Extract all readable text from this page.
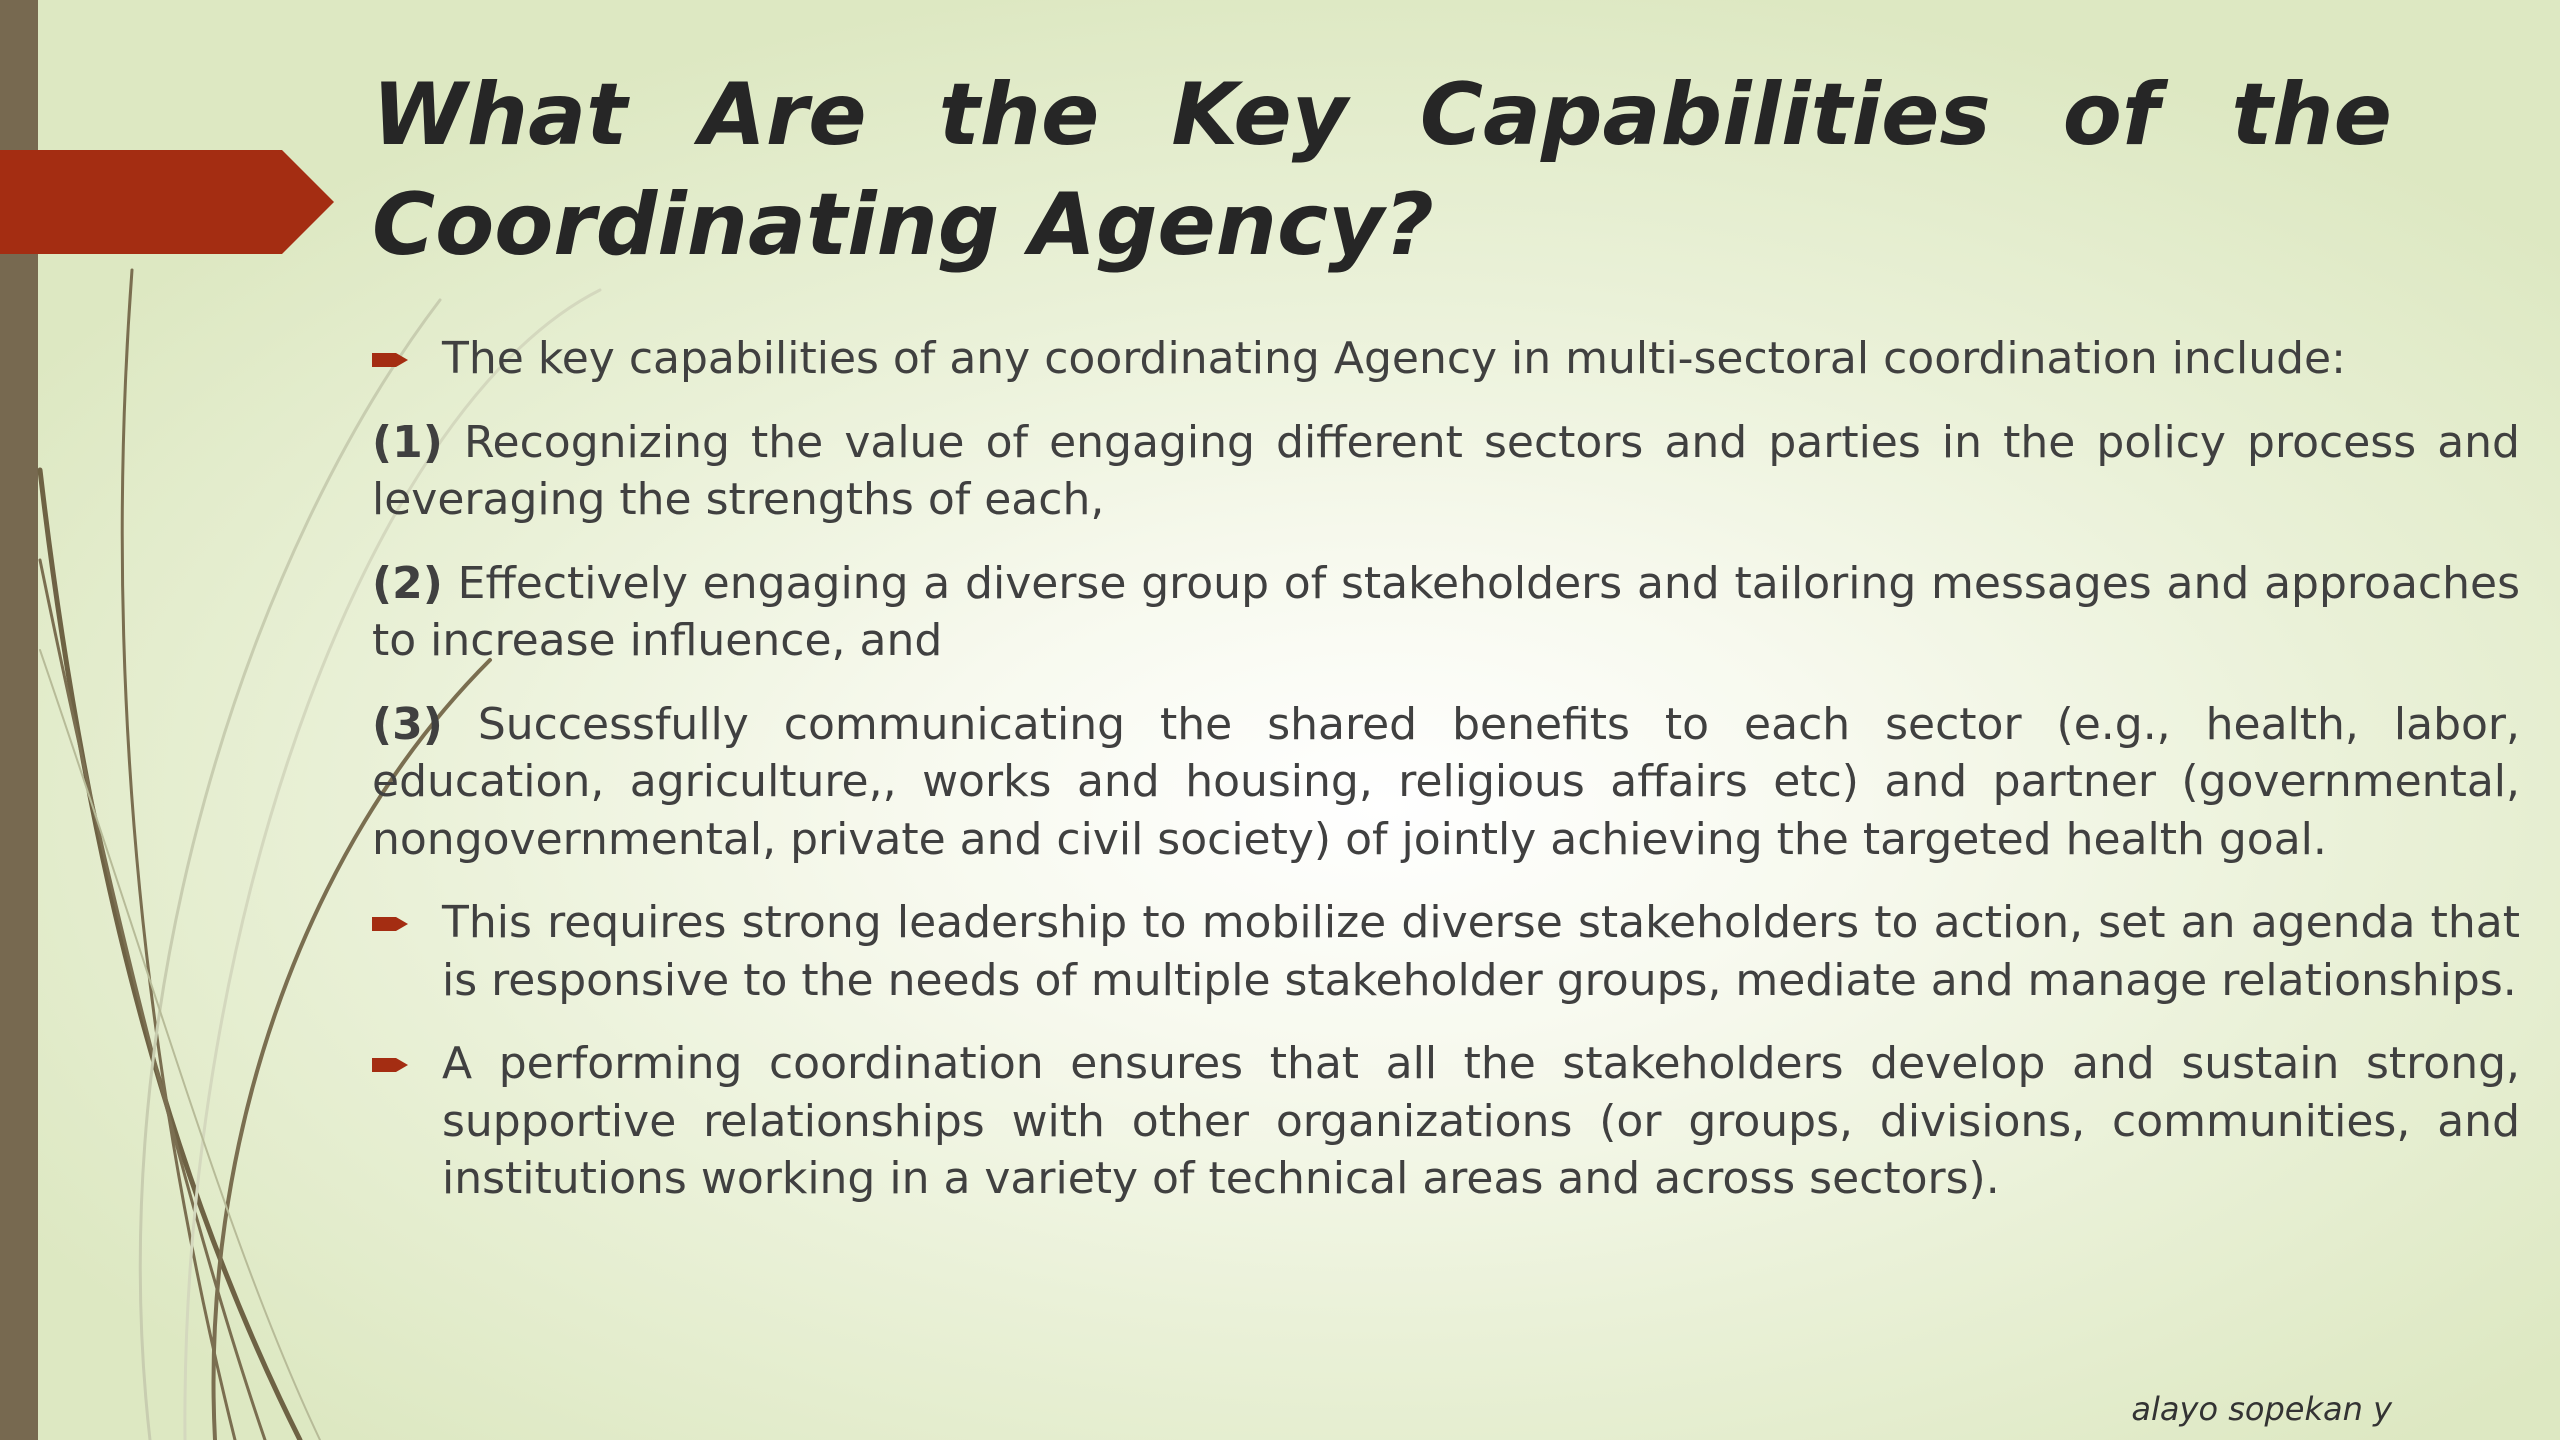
What Are the Key Capabilities of the Coordinating Agency?

The key capabilities of any coordinating Agency in multi-sectoral coordination include:

(1) Recognizing the value of engaging different sectors and parties in the policy process and leveraging the strengths of each,

(2) Effectively engaging a diverse group of stakeholders and tailoring messages and approaches to increase influence, and

(3) Successfully communicating the shared benefits to each sector (e.g., health, labor, education, agriculture,, works and housing, religious affairs etc) and partner (governmental, nongovernmental, private and civil society) of jointly achieving the targeted health goal.

This requires strong leadership to mobilize diverse stakeholders to action, set an agenda that is responsive to the needs of multiple stakeholder groups, mediate and manage relationships.

A performing coordination ensures that all the stakeholders develop and sustain strong, supportive relationships with other organizations (or groups, divisions, communities, and institutions working in a variety of technical areas and across sectors).

alayo sopekan y
